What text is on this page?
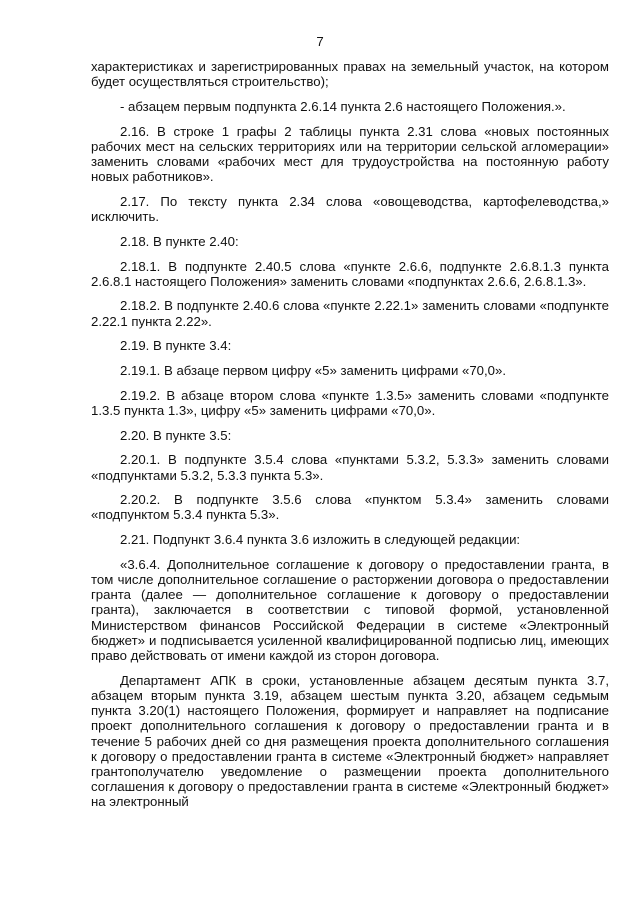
7

характеристиках и зарегистрированных правах на земельный участок, на котором будет осуществляться строительство);

- абзацем первым подпункта 2.6.14 пункта 2.6 настоящего Положения.».

2.16. В строке 1 графы 2 таблицы пункта 2.31 слова «новых постоянных рабочих мест на сельских территориях или на территории сельской агломерации» заменить словами «рабочих мест для трудоустройства на постоянную работу новых работников».

2.17. По тексту пункта 2.34 слова «овощеводства, картофелеводства,» исключить.

2.18. В пункте 2.40:

2.18.1. В подпункте 2.40.5 слова «пункте 2.6.6, подпункте 2.6.8.1.3 пункта 2.6.8.1 настоящего Положения» заменить словами «подпунктах 2.6.6, 2.6.8.1.3».

2.18.2. В подпункте 2.40.6 слова «пункте 2.22.1» заменить словами «подпункте 2.22.1 пункта 2.22».

2.19. В пункте 3.4:

2.19.1. В абзаце первом цифру «5» заменить цифрами «70,0».

2.19.2. В абзаце втором слова «пункте 1.3.5» заменить словами «подпункте 1.3.5 пункта 1.3», цифру «5» заменить цифрами «70,0».

2.20. В пункте 3.5:

2.20.1. В подпункте 3.5.4 слова «пунктами 5.3.2, 5.3.3» заменить словами «подпунктами 5.3.2, 5.3.3 пункта 5.3».

2.20.2. В подпункте 3.5.6 слова «пунктом 5.3.4» заменить словами «подпунктом 5.3.4 пункта 5.3».

2.21. Подпункт 3.6.4 пункта 3.6 изложить в следующей редакции:

«3.6.4. Дополнительное соглашение к договору о предоставлении гранта, в том числе дополнительное соглашение о расторжении договора о предоставлении гранта (далее — дополнительное соглашение к договору о предоставлении гранта), заключается в соответствии с типовой формой, установленной Министерством финансов Российской Федерации в системе «Электронный бюджет» и подписывается усиленной квалифицированной подписью лиц, имеющих право действовать от имени каждой из сторон договора.

Департамент АПК в сроки, установленные абзацем десятым пункта 3.7, абзацем вторым пункта 3.19, абзацем шестым пункта 3.20, абзацем седьмым пункта 3.20(1) настоящего Положения, формирует и направляет на подписание проект дополнительного соглашения к договору о предоставлении гранта и в течение 5 рабочих дней со дня размещения проекта дополнительного соглашения к договору о предоставлении гранта в системе «Электронный бюджет» направляет грантополучателю уведомление о размещении проекта дополнительного соглашения к договору о предоставлении гранта в системе «Электронный бюджет» на электронный
